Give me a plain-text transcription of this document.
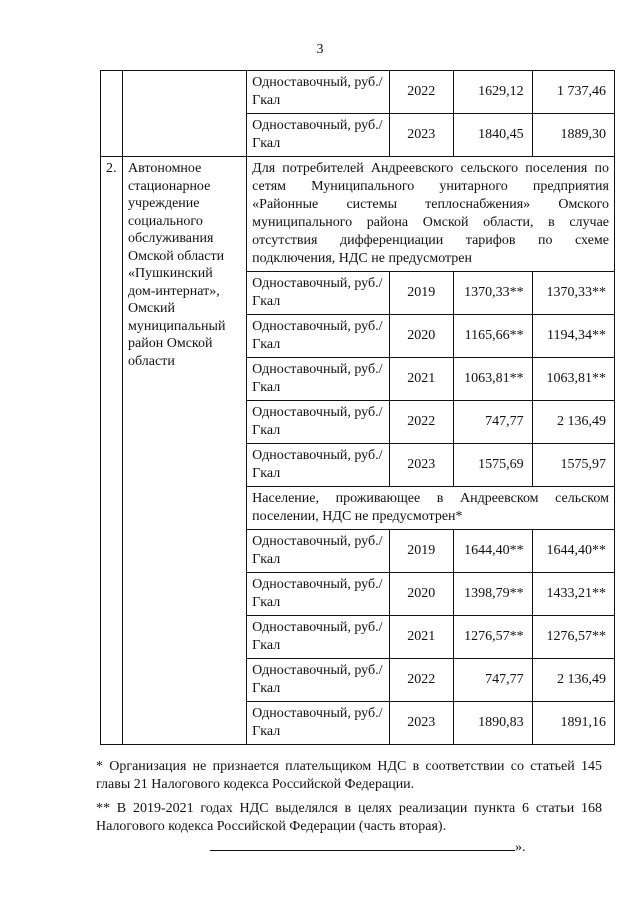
3
		Одноставочный, руб./Гкал	2022	1629,12	1 737,46
		Одноставочный, руб./Гкал	2023	1840,45	1889,30
2.	Автономное стационарное учреждение социального обслуживания Омской области «Пушкинский дом-интернат», Омский муниципальный район Омской области	Для потребителей Андреевского сельского поселения по сетям Муниципального унитарного предприятия «Районные системы теплоснабжения» Омского муниципального района Омской области, в случае отсутствия дифференциации тарифов по схеме подключения, НДС не предусмотрен			
		Одноставочный, руб./Гкал	2019	1370,33**	1370,33**
		Одноставочный, руб./Гкал	2020	1165,66**	1194,34**
		Одноставочный, руб./Гкал	2021	1063,81**	1063,81**
		Одноставочный, руб./Гкал	2022	747,77	2 136,49
		Одноставочный, руб./Гкал	2023	1575,69	1575,97
		Население, проживающее в Андреевском сельском поселении, НДС не предусмотрен*			
		Одноставочный, руб./Гкал	2019	1644,40**	1644,40**
		Одноставочный, руб./Гкал	2020	1398,79**	1433,21**
		Одноставочный, руб./Гкал	2021	1276,57**	1276,57**
		Одноставочный, руб./Гкал	2022	747,77	2 136,49
		Одноставочный, руб./Гкал	2023	1890,83	1891,16
* Организация не признается плательщиком НДС в соответствии со статьей 145 главы 21 Налогового кодекса Российской Федерации.
** В 2019-2021 годах НДС выделялся в целях реализации пункта 6 статьи 168 Налогового кодекса Российской Федерации (часть вторая).
».
